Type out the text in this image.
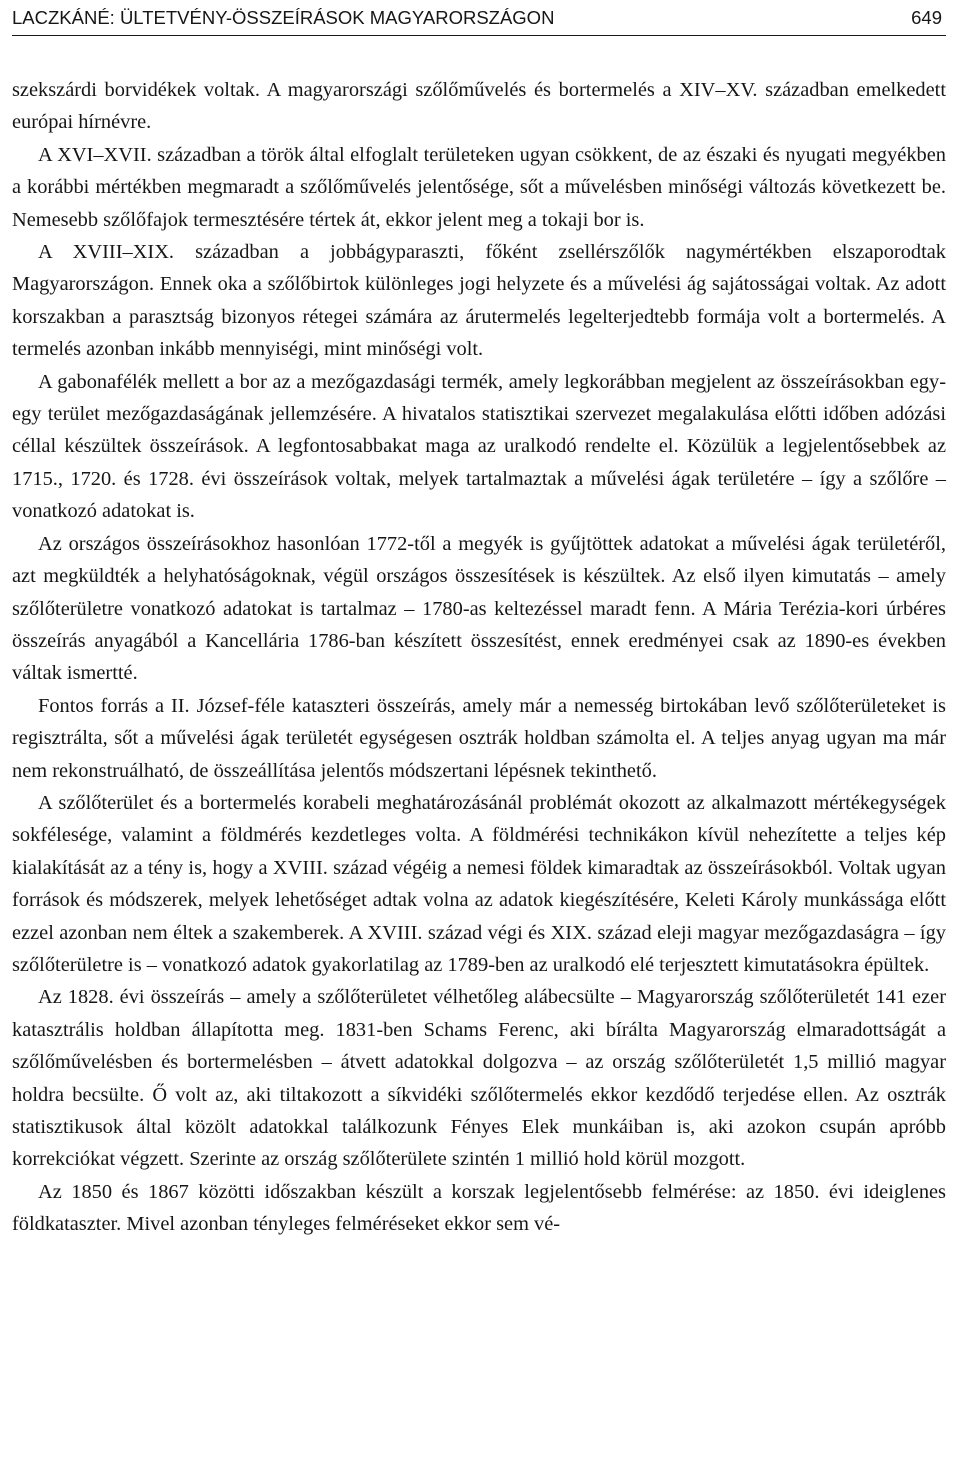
LACZKÁNÉ: ÜLTETVÉNY-ÖSSZEÍRÁSOK MAGYARORSZÁGON	649

szekszárdi borvidékek voltak. A magyarországi szőlőművelés és bortermelés a XIV–XV. században emelkedett európai hírnévre.

A XVI–XVII. században a török által elfoglalt területeken ugyan csökkent, de az északi és nyugati megyékben a korábbi mértékben megmaradt a szőlőművelés jelentősége, sőt a művelésben minőségi változás következett be. Nemesebb szőlőfajok termesztésére tértek át, ekkor jelent meg a tokaji bor is.

A XVIII–XIX. században a jobbágyparaszti, főként zsellérszőlők nagymértékben elszaporodtak Magyarországon. Ennek oka a szőlőbirtok különleges jogi helyzete és a művelési ág sajátosságai voltak. Az adott korszakban a parasztság bizonyos rétegei számára az árutermelés legelterjedtebb formája volt a bortermelés. A termelés azonban inkább mennyiségi, mint minőségi volt.

A gabonafélék mellett a bor az a mezőgazdasági termék, amely legkorábban megjelent az összeírásokban egy-egy terület mezőgazdaságának jellemzésére. A hivatalos statisztikai szervezet megalakulása előtti időben adózási céllal készültek összeírások. A legfontosabbakat maga az uralkodó rendelte el. Közülük a legjelentősebbek az 1715., 1720. és 1728. évi összeírások voltak, melyek tartalmaztak a művelési ágak területére – így a szőlőre – vonatkozó adatokat is.

Az országos összeírásokhoz hasonlóan 1772-től a megyék is gyűjtöttek adatokat a művelési ágak területéről, azt megküldték a helyhatóságoknak, végül országos összesítések is készültek. Az első ilyen kimutatás – amely szőlőterületre vonatkozó adatokat is tartalmaz – 1780-as keltezéssel maradt fenn. A Mária Terézia-kori úrbéres összeírás anyagából a Kancellária 1786-ban készített összesítést, ennek eredményei csak az 1890-es években váltak ismertté.

Fontos forrás a II. József-féle kataszteri összeírás, amely már a nemesség birtokában levő szőlőterületeket is regisztrálta, sőt a művelési ágak területét egységesen osztrák holdban számolta el. A teljes anyag ugyan ma már nem rekonstruálható, de összeállítása jelentős módszertani lépésnek tekinthető.

A szőlőterület és a bortermelés korabeli meghatározásánál problémát okozott az alkalmazott mértékegységek sokfélesége, valamint a földmérés kezdetleges volta. A földmérési technikákon kívül nehezítette a teljes kép kialakítását az a tény is, hogy a XVIII. század végéig a nemesi földek kimaradtak az összeírásokból. Voltak ugyan források és módszerek, melyek lehetőséget adtak volna az adatok kiegészítésére, Keleti Károly munkássága előtt ezzel azonban nem éltek a szakemberek. A XVIII. század végi és XIX. század eleji magyar mezőgazdaságra – így szőlőterületre is – vonatkozó adatok gyakorlatilag az 1789-ben az uralkodó elé terjesztett kimutatásokra épültek.

Az 1828. évi összeírás – amely a szőlőterületet vélhetőleg alábecsülte – Magyarország szőlőterületét 141 ezer katasztrális holdban állapította meg. 1831-ben Schams Ferenc, aki bírálta Magyarország elmaradottságát a szőlőművelésben és bortermelésben – átvett adatokkal dolgozva – az ország szőlőterületét 1,5 millió magyar holdra becsülte. Ő volt az, aki tiltakozott a síkvidéki szőlőtermelés ekkor kezdődő terjedése ellen. Az osztrák statisztikusok által közölt adatokkal találkozunk Fényes Elek munkáiban is, aki azokon csupán apróbb korrekciókat végzett. Szerinte az ország szőlőterülete szintén 1 millió hold körül mozgott.

Az 1850 és 1867 közötti időszakban készült a korszak legjelentősebb felmérése: az 1850. évi ideiglenes földkataszter. Mivel azonban tényleges felméréseket ekkor sem vé-
